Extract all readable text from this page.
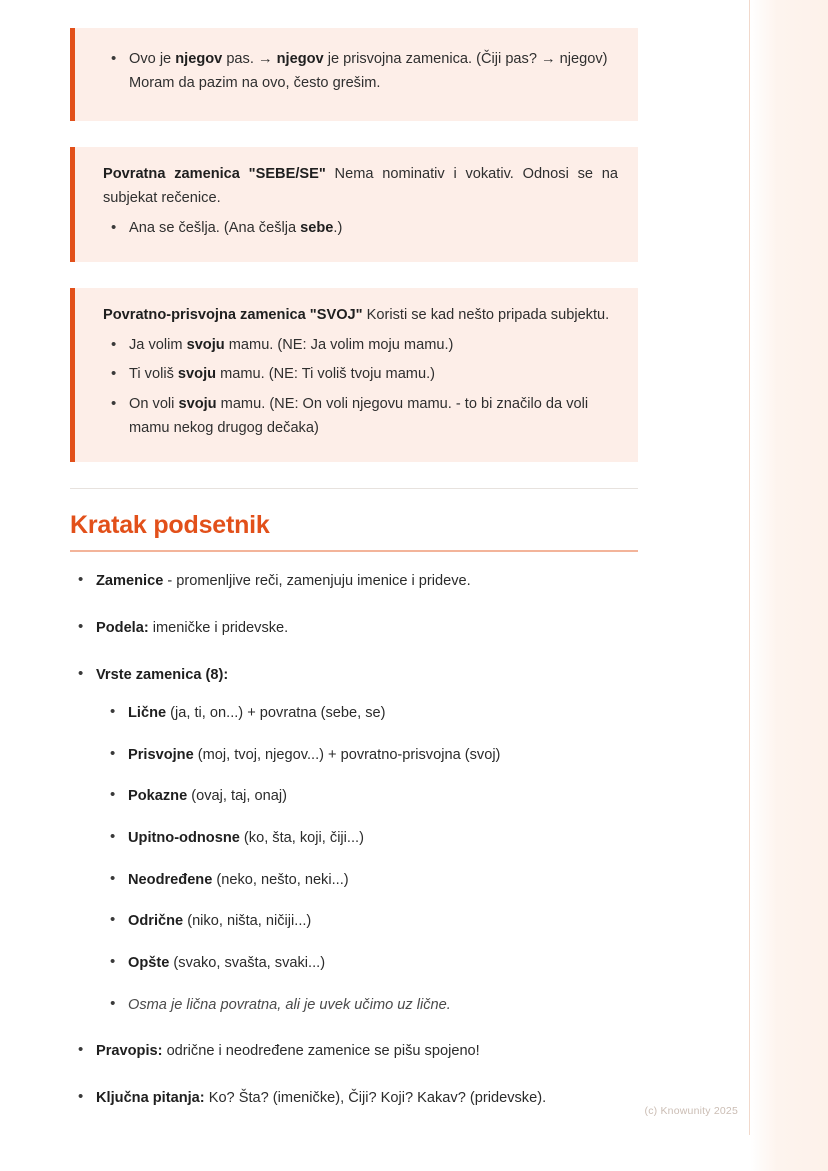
• Ovo je njegov pas. → njegov je prisvojna zamenica. (Čiji pas? → njegov) Moram da pazim na ovo, često grešim.

Povratna zamenica "SEBE/SE" Nema nominativ i vokativ. Odnosi se na subjekat rečenice.

• Ana se češlja. (Ana češlja sebe.)

Povratno-prisvojna zamenica "SVOJ" Koristi se kad nešto pripada subjektu.

• Ja volim svoju mamu. (NE: Ja volim moju mamu.)
• Ti voliš svoju mamu. (NE: Ti voliš tvoju mamu.)
• On voli svoju mamu. (NE: On voli njegovu mamu. - to bi značilo da voli mamu nekog drugog dečaka)
Kratak podsetnik
• Zamenice - promenljive reči, zamenjuju imenice i prideve.
• Podela: imeničke i pridevske.
• Vrste zamenica (8):
• Lične (ja, ti, on...) + povratna (sebe, se)
• Prisvojne (moj, tvoj, njegov...) + povratno-prisvojna (svoj)
• Pokazne (ovaj, taj, onaj)
• Upitno-odnosne (ko, šta, koji, čiji...)
• Neodređene (neko, nešto, neki...)
• Odrične (niko, ništa, ničiji...)
• Opšte (svako, svašta, svaki...)
• Osma je lična povratna, ali je uvek učimo uz lične.
• Pravopis: odrične i neodređene zamenice se pišu spojeno!
• Ključna pitanja: Ko? Šta? (imeničke), Čiji? Koji? Kakav? (pridevske).
(c) Knowunity 2025
